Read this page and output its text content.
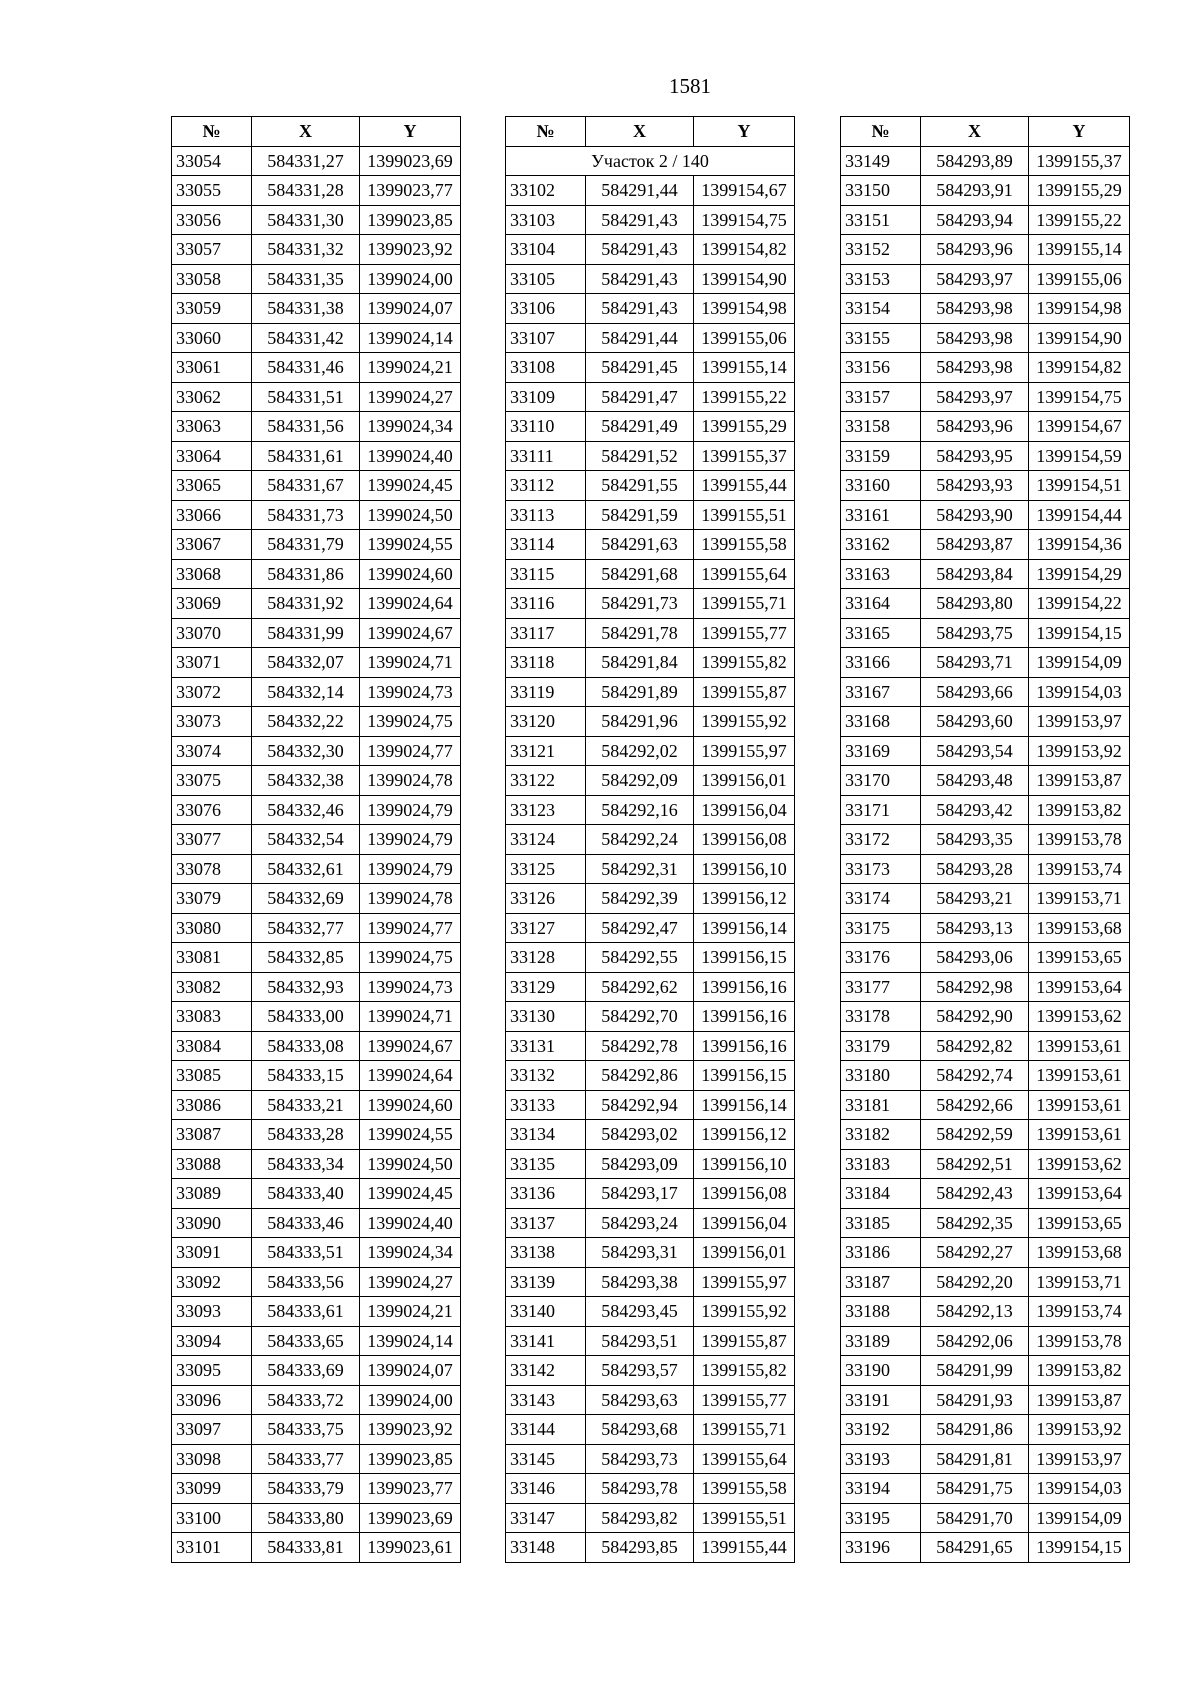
1581
№	X	Y
33054	584331,27	1399023,69
33055	584331,28	1399023,77
33056	584331,30	1399023,85
33057	584331,32	1399023,92
33058	584331,35	1399024,00
33059	584331,38	1399024,07
33060	584331,42	1399024,14
33061	584331,46	1399024,21
33062	584331,51	1399024,27
33063	584331,56	1399024,34
33064	584331,61	1399024,40
33065	584331,67	1399024,45
33066	584331,73	1399024,50
33067	584331,79	1399024,55
33068	584331,86	1399024,60
33069	584331,92	1399024,64
33070	584331,99	1399024,67
33071	584332,07	1399024,71
33072	584332,14	1399024,73
33073	584332,22	1399024,75
33074	584332,30	1399024,77
33075	584332,38	1399024,78
33076	584332,46	1399024,79
33077	584332,54	1399024,79
33078	584332,61	1399024,79
33079	584332,69	1399024,78
33080	584332,77	1399024,77
33081	584332,85	1399024,75
33082	584332,93	1399024,73
33083	584333,00	1399024,71
33084	584333,08	1399024,67
33085	584333,15	1399024,64
33086	584333,21	1399024,60
33087	584333,28	1399024,55
33088	584333,34	1399024,50
33089	584333,40	1399024,45
33090	584333,46	1399024,40
33091	584333,51	1399024,34
33092	584333,56	1399024,27
33093	584333,61	1399024,21
33094	584333,65	1399024,14
33095	584333,69	1399024,07
33096	584333,72	1399024,00
33097	584333,75	1399023,92
33098	584333,77	1399023,85
33099	584333,79	1399023,77
33100	584333,80	1399023,69
33101	584333,81	1399023,61
№	X	Y
Участок 2 / 140		
33102	584291,44	1399154,67
33103	584291,43	1399154,75
33104	584291,43	1399154,82
33105	584291,43	1399154,90
33106	584291,43	1399154,98
33107	584291,44	1399155,06
33108	584291,45	1399155,14
33109	584291,47	1399155,22
33110	584291,49	1399155,29
33111	584291,52	1399155,37
33112	584291,55	1399155,44
33113	584291,59	1399155,51
33114	584291,63	1399155,58
33115	584291,68	1399155,64
33116	584291,73	1399155,71
33117	584291,78	1399155,77
33118	584291,84	1399155,82
33119	584291,89	1399155,87
33120	584291,96	1399155,92
33121	584292,02	1399155,97
33122	584292,09	1399156,01
33123	584292,16	1399156,04
33124	584292,24	1399156,08
33125	584292,31	1399156,10
33126	584292,39	1399156,12
33127	584292,47	1399156,14
33128	584292,55	1399156,15
33129	584292,62	1399156,16
33130	584292,70	1399156,16
33131	584292,78	1399156,16
33132	584292,86	1399156,15
33133	584292,94	1399156,14
33134	584293,02	1399156,12
33135	584293,09	1399156,10
33136	584293,17	1399156,08
33137	584293,24	1399156,04
33138	584293,31	1399156,01
33139	584293,38	1399155,97
33140	584293,45	1399155,92
33141	584293,51	1399155,87
33142	584293,57	1399155,82
33143	584293,63	1399155,77
33144	584293,68	1399155,71
33145	584293,73	1399155,64
33146	584293,78	1399155,58
33147	584293,82	1399155,51
33148	584293,85	1399155,44
№	X	Y
33149	584293,89	1399155,37
33150	584293,91	1399155,29
33151	584293,94	1399155,22
33152	584293,96	1399155,14
33153	584293,97	1399155,06
33154	584293,98	1399154,98
33155	584293,98	1399154,90
33156	584293,98	1399154,82
33157	584293,97	1399154,75
33158	584293,96	1399154,67
33159	584293,95	1399154,59
33160	584293,93	1399154,51
33161	584293,90	1399154,44
33162	584293,87	1399154,36
33163	584293,84	1399154,29
33164	584293,80	1399154,22
33165	584293,75	1399154,15
33166	584293,71	1399154,09
33167	584293,66	1399154,03
33168	584293,60	1399153,97
33169	584293,54	1399153,92
33170	584293,48	1399153,87
33171	584293,42	1399153,82
33172	584293,35	1399153,78
33173	584293,28	1399153,74
33174	584293,21	1399153,71
33175	584293,13	1399153,68
33176	584293,06	1399153,65
33177	584292,98	1399153,64
33178	584292,90	1399153,62
33179	584292,82	1399153,61
33180	584292,74	1399153,61
33181	584292,66	1399153,61
33182	584292,59	1399153,61
33183	584292,51	1399153,62
33184	584292,43	1399153,64
33185	584292,35	1399153,65
33186	584292,27	1399153,68
33187	584292,20	1399153,71
33188	584292,13	1399153,74
33189	584292,06	1399153,78
33190	584291,99	1399153,82
33191	584291,93	1399153,87
33192	584291,86	1399153,92
33193	584291,81	1399153,97
33194	584291,75	1399154,03
33195	584291,70	1399154,09
33196	584291,65	1399154,15
